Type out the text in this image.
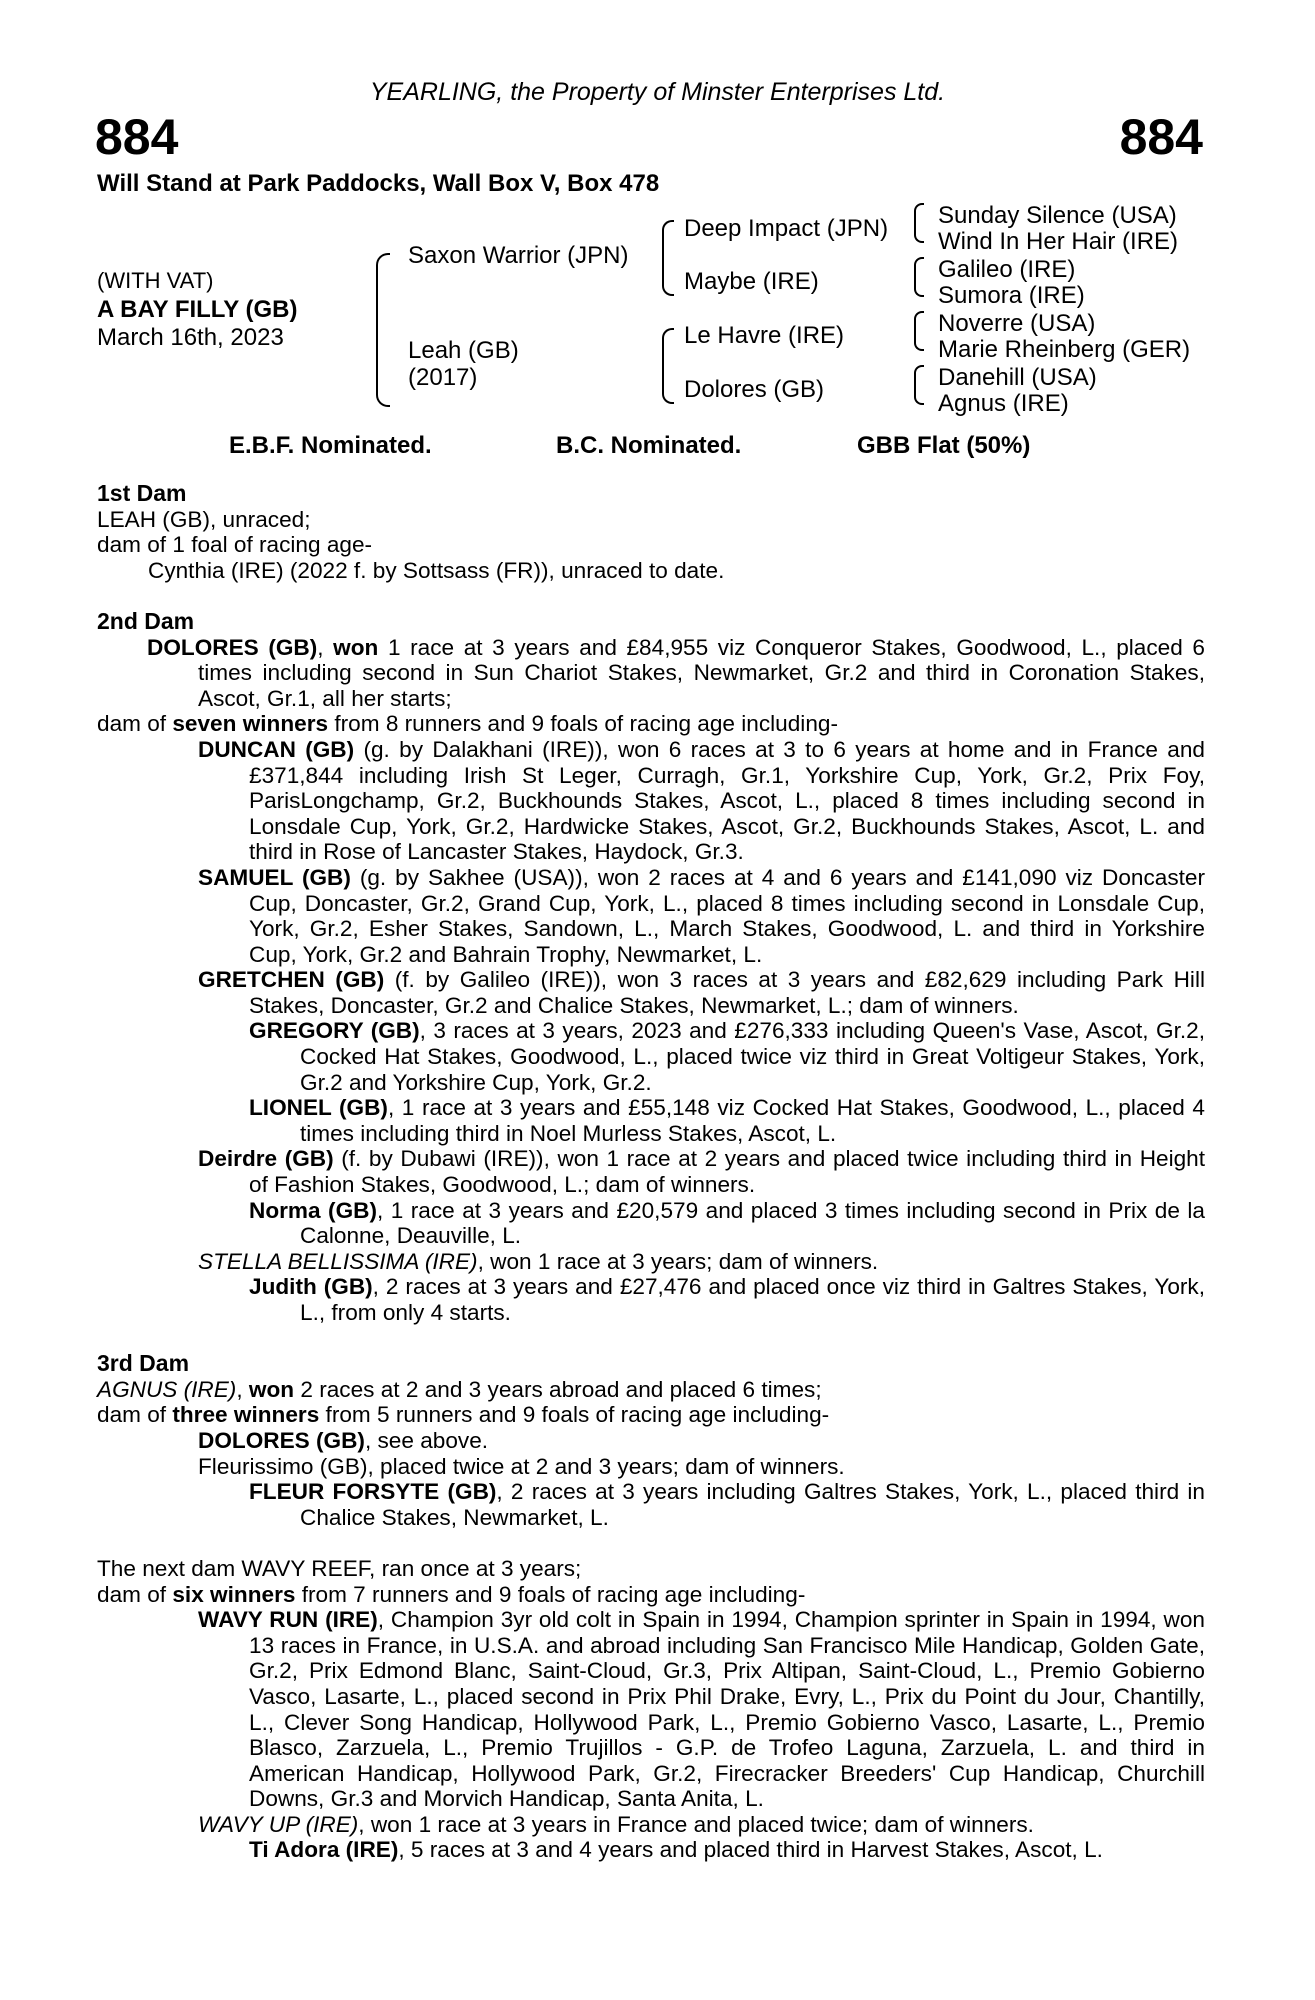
YEARLING, the Property of Minster Enterprises Ltd.
884	884
Will Stand at Park Paddocks, Wall Box V, Box 478
(WITH VAT)
A BAY FILLY (GB)
March 16th, 2023
Saxon Warrior (JPN)
Leah (GB)
(2017)
Deep Impact (JPN)
Maybe (IRE)
Le Havre (IRE)
Dolores (GB)
Sunday Silence (USA)
Wind In Her Hair (IRE)
Galileo (IRE)
Sumora (IRE)
Noverre (USA)
Marie Rheinberg (GER)
Danehill (USA)
Agnus (IRE)
E.B.F. Nominated.	B.C. Nominated.	GBB Flat (50%)
1st Dam

LEAH (GB), unraced;

dam of 1 foal of racing age-

Cynthia (IRE) (2022 f. by Sottsass (FR)), unraced to date.

2nd Dam

DOLORES (GB), won 1 race at 3 years and £84,955 viz Conqueror Stakes, Goodwood, L., placed 6 times including second in Sun Chariot Stakes, Newmarket, Gr.2 and third in Coronation Stakes, Ascot, Gr.1, all her starts;

dam of seven winners from 8 runners and 9 foals of racing age including-

DUNCAN (GB) (g. by Dalakhani (IRE)), won 6 races at 3 to 6 years at home and in France and £371,844 including Irish St Leger, Curragh, Gr.1, Yorkshire Cup, York, Gr.2, Prix Foy, ParisLongchamp, Gr.2, Buckhounds Stakes, Ascot, L., placed 8 times including second in Lonsdale Cup, York, Gr.2, Hardwicke Stakes, Ascot, Gr.2, Buckhounds Stakes, Ascot, L. and third in Rose of Lancaster Stakes, Haydock, Gr.3.

SAMUEL (GB) (g. by Sakhee (USA)), won 2 races at 4 and 6 years and £141,090 viz Doncaster Cup, Doncaster, Gr.2, Grand Cup, York, L., placed 8 times including second in Lonsdale Cup, York, Gr.2, Esher Stakes, Sandown, L., March Stakes, Goodwood, L. and third in Yorkshire Cup, York, Gr.2 and Bahrain Trophy, Newmarket, L.

GRETCHEN (GB) (f. by Galileo (IRE)), won 3 races at 3 years and £82,629 including Park Hill Stakes, Doncaster, Gr.2 and Chalice Stakes, Newmarket, L.; dam of winners.

GREGORY (GB), 3 races at 3 years, 2023 and £276,333 including Queen's Vase, Ascot, Gr.2, Cocked Hat Stakes, Goodwood, L., placed twice viz third in Great Voltigeur Stakes, York, Gr.2 and Yorkshire Cup, York, Gr.2.

LIONEL (GB), 1 race at 3 years and £55,148 viz Cocked Hat Stakes, Goodwood, L., placed 4 times including third in Noel Murless Stakes, Ascot, L.

Deirdre (GB) (f. by Dubawi (IRE)), won 1 race at 2 years and placed twice including third in Height of Fashion Stakes, Goodwood, L.; dam of winners.

Norma (GB), 1 race at 3 years and £20,579 and placed 3 times including second in Prix de la Calonne, Deauville, L.

STELLA BELLISSIMA (IRE), won 1 race at 3 years; dam of winners.

Judith (GB), 2 races at 3 years and £27,476 and placed once viz third in Galtres Stakes, York, L., from only 4 starts.

3rd Dam

AGNUS (IRE), won 2 races at 2 and 3 years abroad and placed 6 times;

dam of three winners from 5 runners and 9 foals of racing age including-

DOLORES (GB), see above.

Fleurissimo (GB), placed twice at 2 and 3 years; dam of winners.

FLEUR FORSYTE (GB), 2 races at 3 years including Galtres Stakes, York, L., placed third in Chalice Stakes, Newmarket, L.

The next dam WAVY REEF, ran once at 3 years;

dam of six winners from 7 runners and 9 foals of racing age including-

WAVY RUN (IRE), Champion 3yr old colt in Spain in 1994, Champion sprinter in Spain in 1994, won 13 races in France, in U.S.A. and abroad including San Francisco Mile Handicap, Golden Gate, Gr.2, Prix Edmond Blanc, Saint-Cloud, Gr.3, Prix Altipan, Saint-Cloud, L., Premio Gobierno Vasco, Lasarte, L., placed second in Prix Phil Drake, Evry, L., Prix du Point du Jour, Chantilly, L., Clever Song Handicap, Hollywood Park, L., Premio Gobierno Vasco, Lasarte, L., Premio Blasco, Zarzuela, L., Premio Trujillos - G.P. de Trofeo Laguna, Zarzuela, L. and third in American Handicap, Hollywood Park, Gr.2, Firecracker Breeders' Cup Handicap, Churchill Downs, Gr.3 and Morvich Handicap, Santa Anita, L.

WAVY UP (IRE), won 1 race at 3 years in France and placed twice; dam of winners.

Ti Adora (IRE), 5 races at 3 and 4 years and placed third in Harvest Stakes, Ascot, L.
